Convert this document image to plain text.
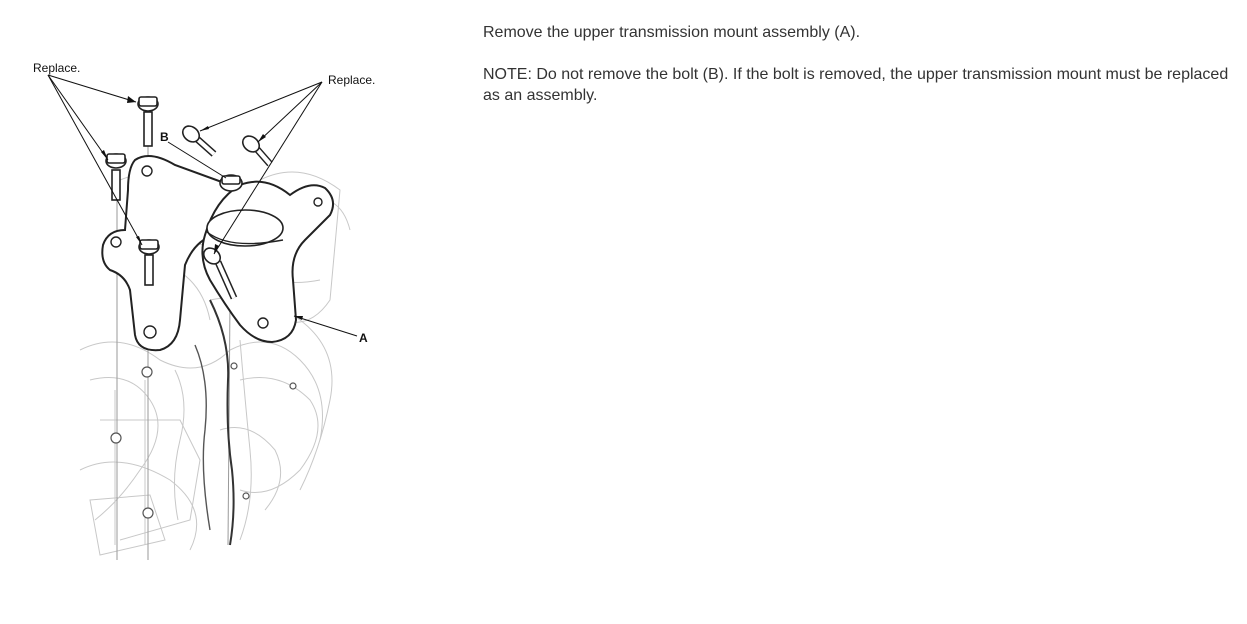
Replace.
Replace.
B
A

Remove the upper transmission mount assembly (A).

NOTE: Do not remove the bolt (B). If the bolt is removed, the upper transmission mount must be replaced as an assembly.
